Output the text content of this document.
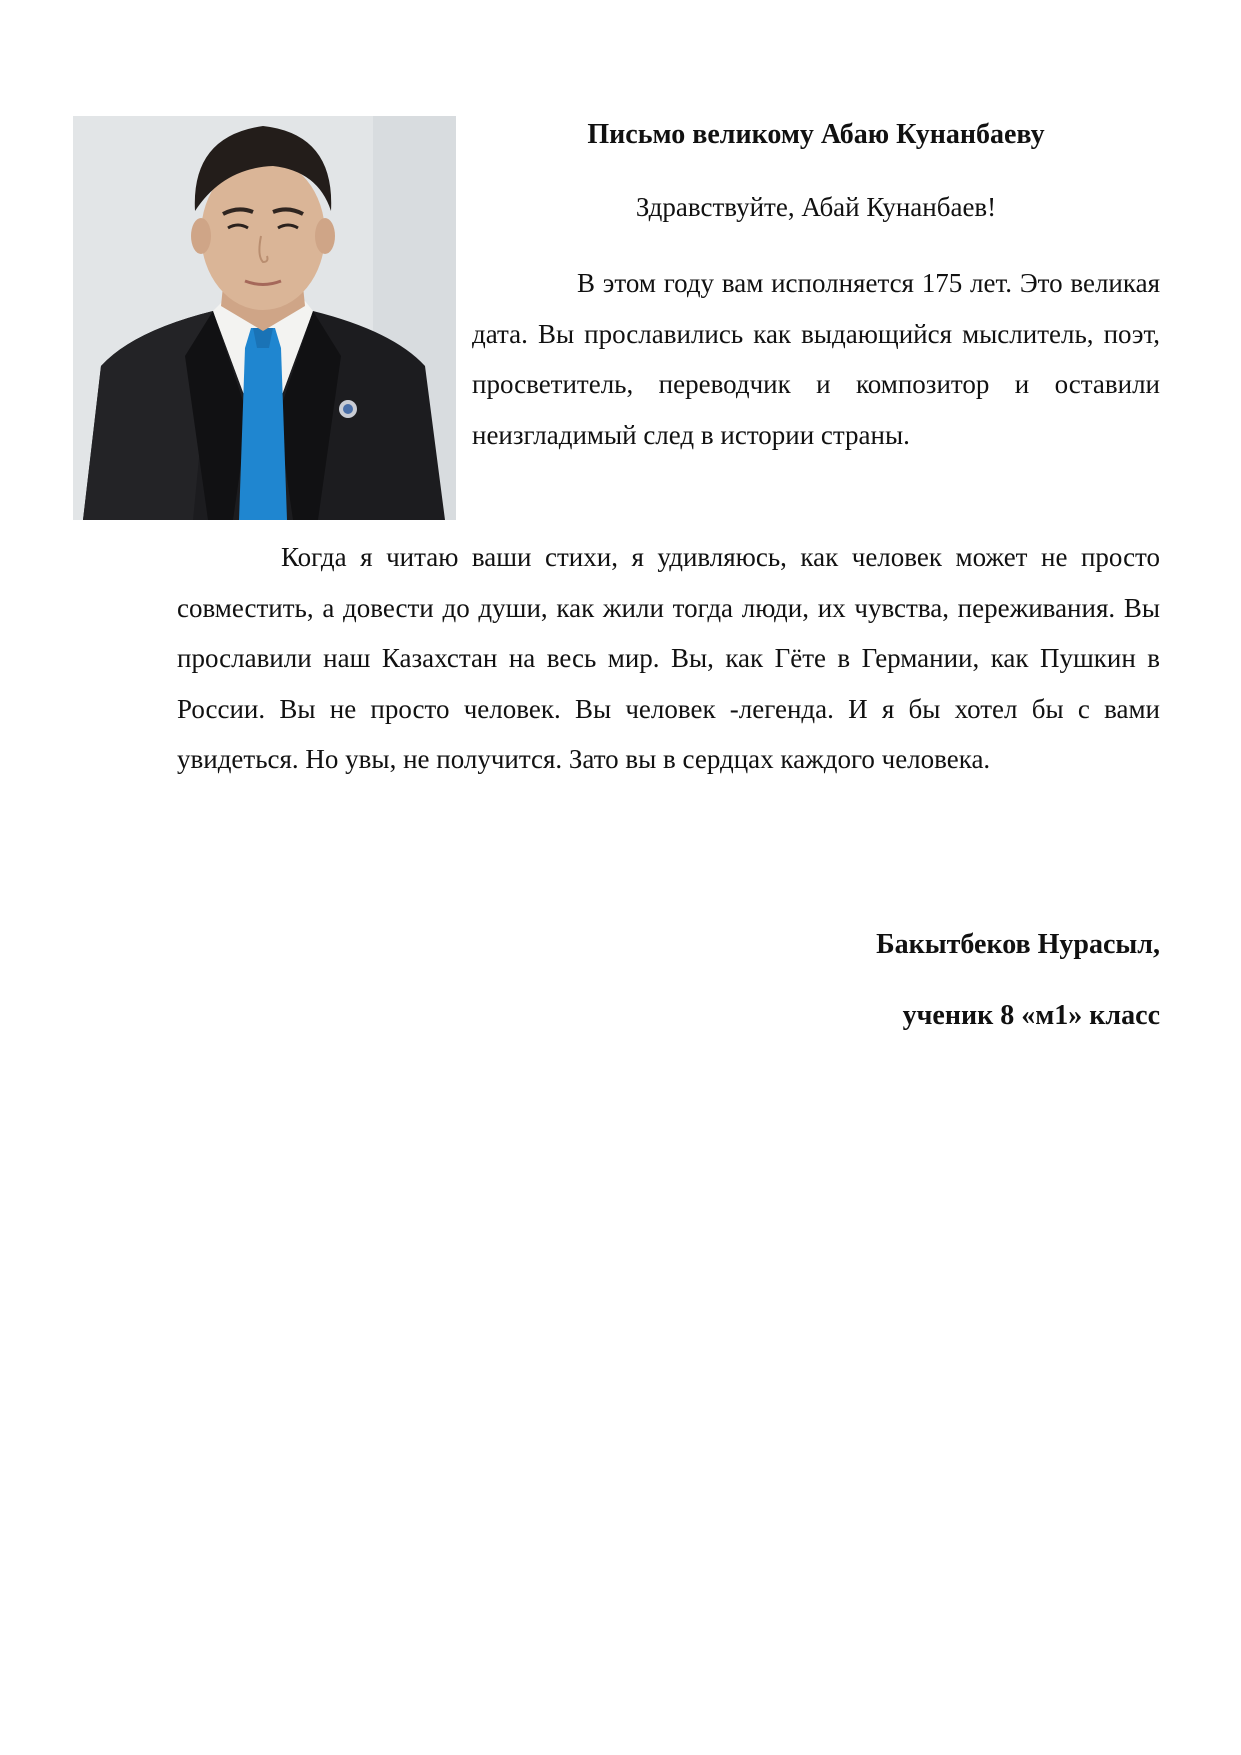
Письмо великому Абаю Кунанбаеву

Здравствуйте, Абай Кунанбаев!

В этом году вам исполняется 175 лет. Это великая дата. Вы прославились как выдающийся мыслитель, поэт, просветитель, переводчик и композитор и оставили неизгладимый след в истории страны.

Когда я читаю ваши стихи, я удивляюсь, как человек может не просто совместить, а довести до души, как жили тогда люди, их чувства, переживания. Вы прославили наш Казахстан на весь мир. Вы, как Гёте в Германии, как Пушкин в России. Вы не просто человек. Вы человек -легенда. И я бы хотел бы с вами увидеться. Но увы, не получится. Зато вы в сердцах каждого человека.

Бакытбеков Нурасыл,

ученик 8 «м1» класс
